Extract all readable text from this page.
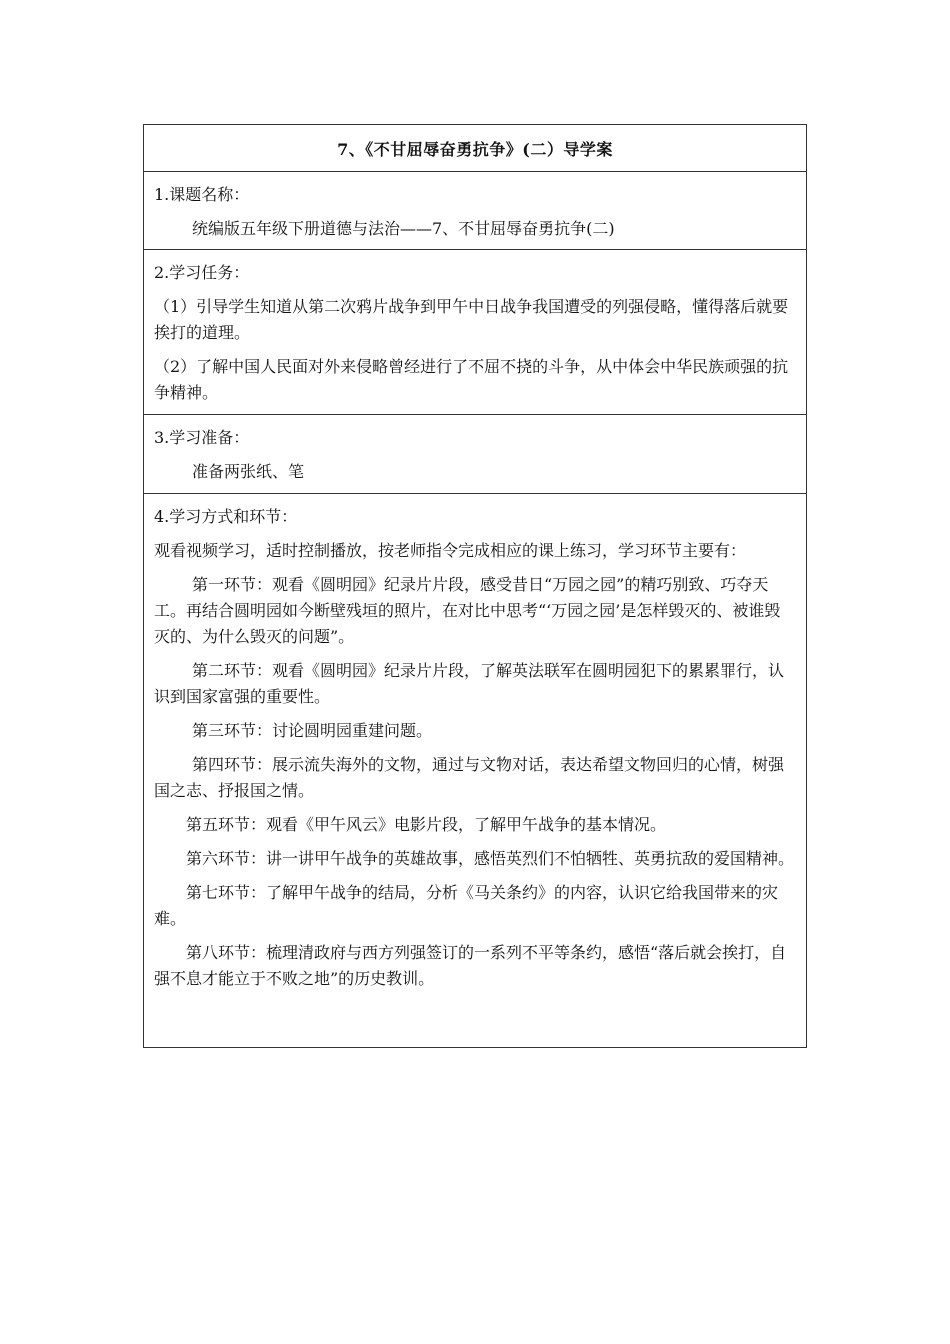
7、《不甘屈辱奋勇抗争》(二）导学案
1.课题名称：
统编版五年级下册道德与法治——7、不甘屈辱奋勇抗争(二)
2.学习任务：
（1）引导学生知道从第二次鸦片战争到甲午中日战争我国遭受的列强侵略，懂得落后就要挨打的道理。
（2）了解中国人民面对外来侵略曾经进行了不屈不挠的斗争，从中体会中华民族顽强的抗争精神。
3.学习准备：
准备两张纸、笔
4.学习方式和环节：
观看视频学习，适时控制播放，按老师指令完成相应的课上练习，学习环节主要有：
第一环节：观看《圆明园》纪录片片段，感受昔日“万园之园”的精巧别致、巧夺天工。再结合圆明园如今断壁残垣的照片，在对比中思考“‘万园之园’是怎样毁灭的、被谁毁灭的、为什么毁灭的问题”。
第二环节：观看《圆明园》纪录片片段，了解英法联军在圆明园犯下的累累罪行，认识到国家富强的重要性。
第三环节：讨论圆明园重建问题。
第四环节：展示流失海外的文物，通过与文物对话，表达希望文物回归的心情，树强国之志、抒报国之情。
第五环节：观看《甲午风云》电影片段，了解甲午战争的基本情况。
第六环节：讲一讲甲午战争的英雄故事，感悟英烈们不怕牺牲、英勇抗敌的爱国精神。
第七环节：了解甲午战争的结局，分析《马关条约》的内容，认识它给我国带来的灾难。
第八环节：梳理清政府与西方列强签订的一系列不平等条约，感悟“落后就会挨打，自强不息才能立于不败之地”的历史教训。
